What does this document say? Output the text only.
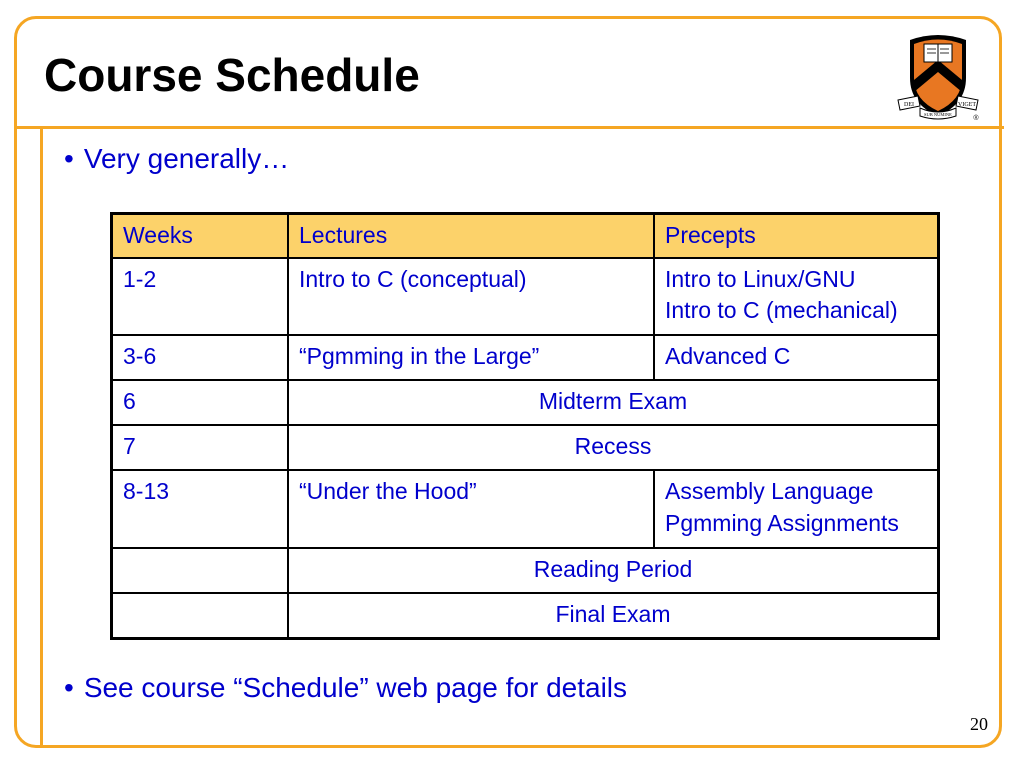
Course Schedule
DEI	VIGET
SUB NUMINE
®
• Very generally…
Weeks	Lectures	Precepts
1-2	Intro to C (conceptual)	Intro to Linux/GNU
Intro to C (mechanical)

3-6	“Pgmming in the Large”	Advanced C

6	Midterm Exam	
7	Recess	
8-13	“Under the Hood”	Assembly Language
Pgmming Assignments

	Reading Period	
	Final Exam	
• See course “Schedule” web page for details
20
